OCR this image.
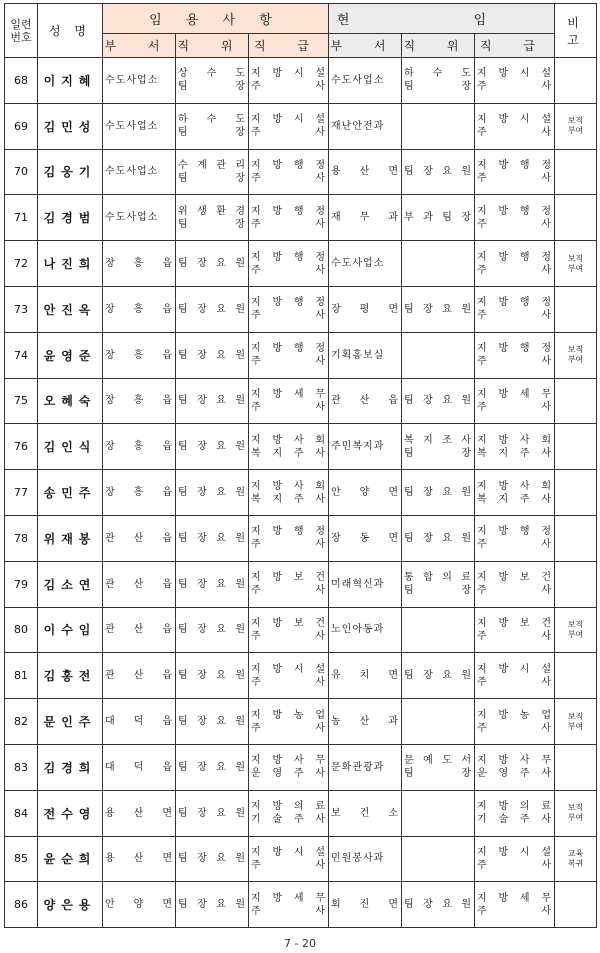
일련
번호	성 명	임 용 사 항			현 임			비 고
		부 서	직 위	직 급	부 서	직 위	직 급	
68	이지혜	수도사업소	상 수 도
팀 장	지 방 시 설
주 사	수도사업소	하 수 도
팀 장	지 방 시 설
주 사	
69	김민성	수도사업소	하 수 도
팀 장	지 방 시 설
주 사	재난안전과		지 방 시 설
주 사	보직
부여
70	김웅기	수도사업소	수 계 관 리
팀 장	지 방 행 정
주 사	용 산 면	팀 장 요 원	지 방 행 정
주 사	
71	김경범	수도사업소	위 생 환 경
팀 장	지 방 행 정
주 사	재 무 과	부 과 팀 장	지 방 행 정
주 사	
72	나진희	장 흥 읍	팀 장 요 원	지 방 행 정
주 사	수도사업소		지 방 행 정
주 사	보직
부여
73	안진옥	장 흥 읍	팀 장 요 원	지 방 행 정
주 사	장 평 면	팀 장 요 원	지 방 행 정
주 사	
74	윤영준	장 흥 읍	팀 장 요 원	지 방 행 정
주 사	기획홍보실		지 방 행 정
주 사	보직
부여
75	오혜숙	장 흥 읍	팀 장 요 원	지 방 세 무
주 사	관 산 읍	팀 장 요 원	지 방 세 무
주 사	
76	김인식	장 흥 읍	팀 장 요 원	지 방 사 회
복 지 주 사	주민복지과	복 지 조 사
팀 장	지 방 사 회
복 지 주 사	
77	송민주	장 흥 읍	팀 장 요 원	지 방 사 회
복 지 주 사	안 양 면	팀 장 요 원	지 방 사 회
복 지 주 사	
78	위재봉	관 산 읍	팀 장 요 원	지 방 행 정
주 사	장 동 면	팀 장 요 원	지 방 행 정
주 사	
79	김소연	관 산 읍	팀 장 요 원	지 방 보 건
주 사	미래혁신과	통 합 의 료
팀 장	지 방 보 건
주 사	
80	이수임	관 산 읍	팀 장 요 원	지 방 보 건
주 사	노인아동과		지 방 보 건
주 사	보직
부여
81	김홍전	관 산 읍	팀 장 요 원	지 방 시 설
주 사	유 치 면	팀 장 요 원	지 방 시 설
주 사	
82	문인주	대 덕 읍	팀 장 요 원	지 방 농 업
주 사	농 산 과		지 방 농 업
주 사	보직
부여
83	김경희	대 덕 읍	팀 장 요 원	지 방 사 무
운 영 주 사	문화관광과	문 예 도 서
팀 장	지 방 사 무
운 영 주 사	
84	전수영	용 산 면	팀 장 요 원	지 방 의 료
기 술 주 사	보 건 소		지 방 의 료
기 술 주 사	보직
부여
85	윤순희	용 산 면	팀 장 요 원	지 방 시 설
주 사	민원봉사과		지 방 시 설
주 사	교육
복귀
86	양은용	안 양 면	팀 장 요 원	지 방 세 무
주 사	회 진 면	팀 장 요 원	지 방 세 무
주 사	
7 - 20
